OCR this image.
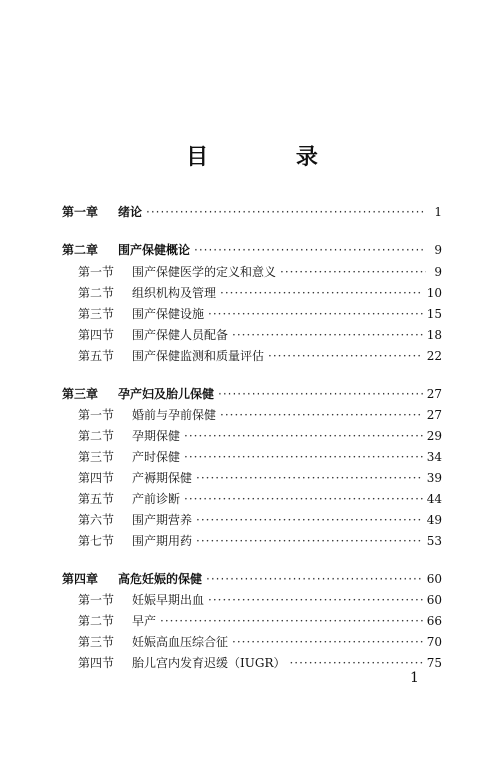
目 录
第一章	绪论 ·····	1
第二章	围产保健概论 ·····	9
第一节	围产保健医学的定义和意义 ·····	9
第二节	组织机构及管理 ·····	10
第三节	围产保健设施 ·····	15
第四节	围产保健人员配备 ·····	18
第五节	围产保健监测和质量评估 ·····	22
第三章	孕产妇及胎儿保健 ·····	27
第一节	婚前与孕前保健 ·····	27
第二节	孕期保健 ·····	29
第三节	产时保健 ·····	34
第四节	产褥期保健 ·····	39
第五节	产前诊断 ·····	44
第六节	围产期营养 ·····	49
第七节	围产期用药 ·····	53
第四章	高危妊娠的保健 ·····	60
第一节	妊娠早期出血 ·····	60
第二节	早产 ·····	66
第三节	妊娠高血压综合征 ·····	70
第四节	胎儿宫内发育迟缓（IUGR） ·····	75
1
